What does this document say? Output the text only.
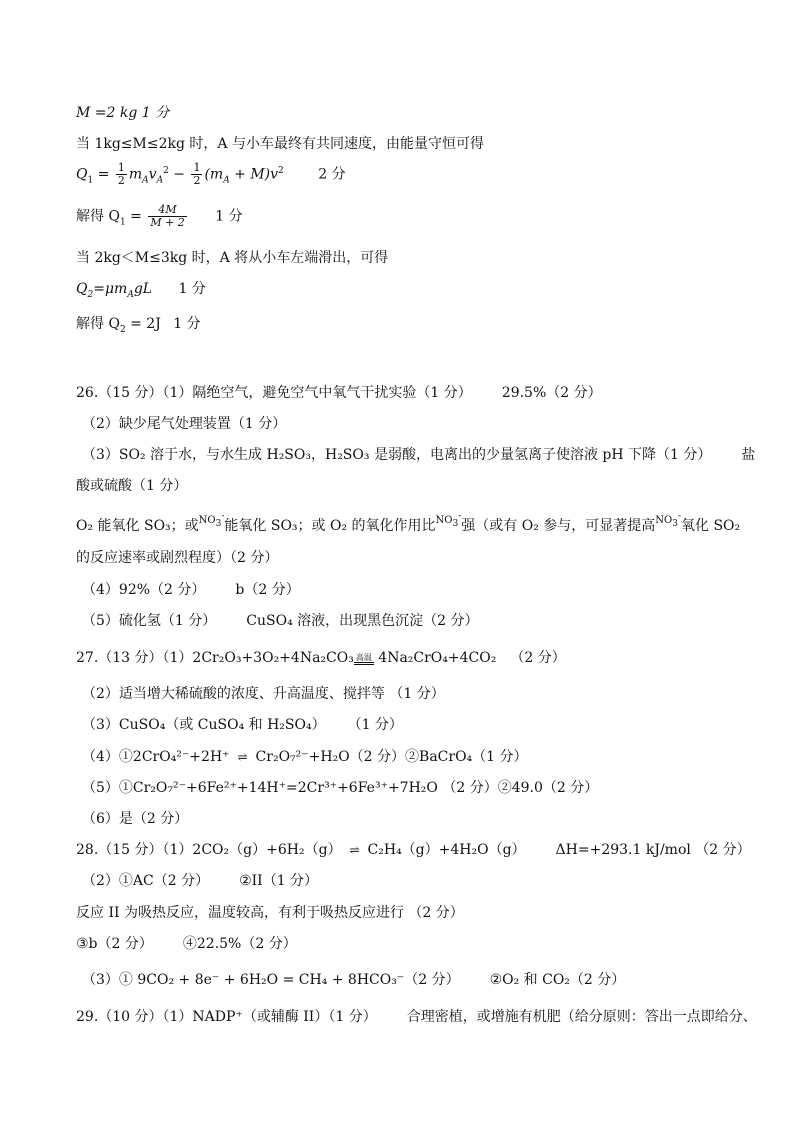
M =2 kg 1 分
当 1kg≤M≤2kg 时，A 与小车最终有共同速度，由能量守恒可得
$Q_1 = \frac{1}{2} m_Av_A^2 - \frac{1}{2} (m_A + M)v^2$ 2 分
解得 $Q_1 = \frac{4M}{M + 2} 1$ 分
当 2kg＜M≤3kg 时，A 将从小车左端滑出，可得
$Q_2=\mu m_AgL$ 1 分
解得 $Q_2 = 2J$ 1 分
26.（15 分）（1）隔绝空气，避免空气中氧气干扰实验（1 分） 29.5%（2 分）
（2）缺少尾气处理装置（1 分）
（3）SO₂ 溶于水，与水生成 H₂SO₃，H₂SO₃ 是弱酸，电离出的少量氢离子使溶液 pH 下降（1 分） 盐
酸或硫酸（1 分）
O₂ 能氧化 SO₃；或$^{NO_3^-}$能氧化 SO₃；或 O₂ 的氧化作用比$^{NO_3^-}$强（或有 O₂ 参与，可显著提高$^{NO_3^-}$氧化 SO₂
的反应速率或剧烈程度）（2 分）
（4）92%（2 分） b（2 分）
（5）硫化氢（1 分） CuSO₄ 溶液，出现黑色沉淀（2 分）
27.（13 分）（1）2Cr₂O₃+3O₂+4Na₂CO₃ 高温 4Na₂CrO₄+4CO₂ （2 分）
（2）适当增大稀硫酸的浓度、升高温度、搅拌等 （1 分）
（3）CuSO₄（或 CuSO₄ 和 H₂SO₄） （1 分）
（4）①2CrO₄²⁻+2H⁺ ⇌ Cr₂O₇²⁻+H₂O（2 分）②BaCrO₄（1 分）
（5）①Cr₂O₇²⁻+6Fe²⁺+14H⁺=2Cr³⁺+6Fe³⁺+7H₂O （2 分）②49.0（2 分）
（6）是（2 分）
28.（15 分）（1）2CO₂（g）+6H₂（g） ⇌ C₂H₄（g）+4H₂O（g） ΔH=+293.1 kJ/mol （2 分）
（2）①AC（2 分） ②II（1 分）
反应 II 为吸热反应，温度较高，有利于吸热反应进行 （2 分）
③b（2 分） ④22.5%（2 分）
（3）① 9CO₂ + 8e⁻ + 6H₂O = CH₄ + 8HCO₃⁻（2 分） ②O₂ 和 CO₂（2 分）
29.（10 分）（1）NADP⁺（或辅酶 II）（1 分） 合理密植，或增施有机肥（给分原则：答出一点即给分、
